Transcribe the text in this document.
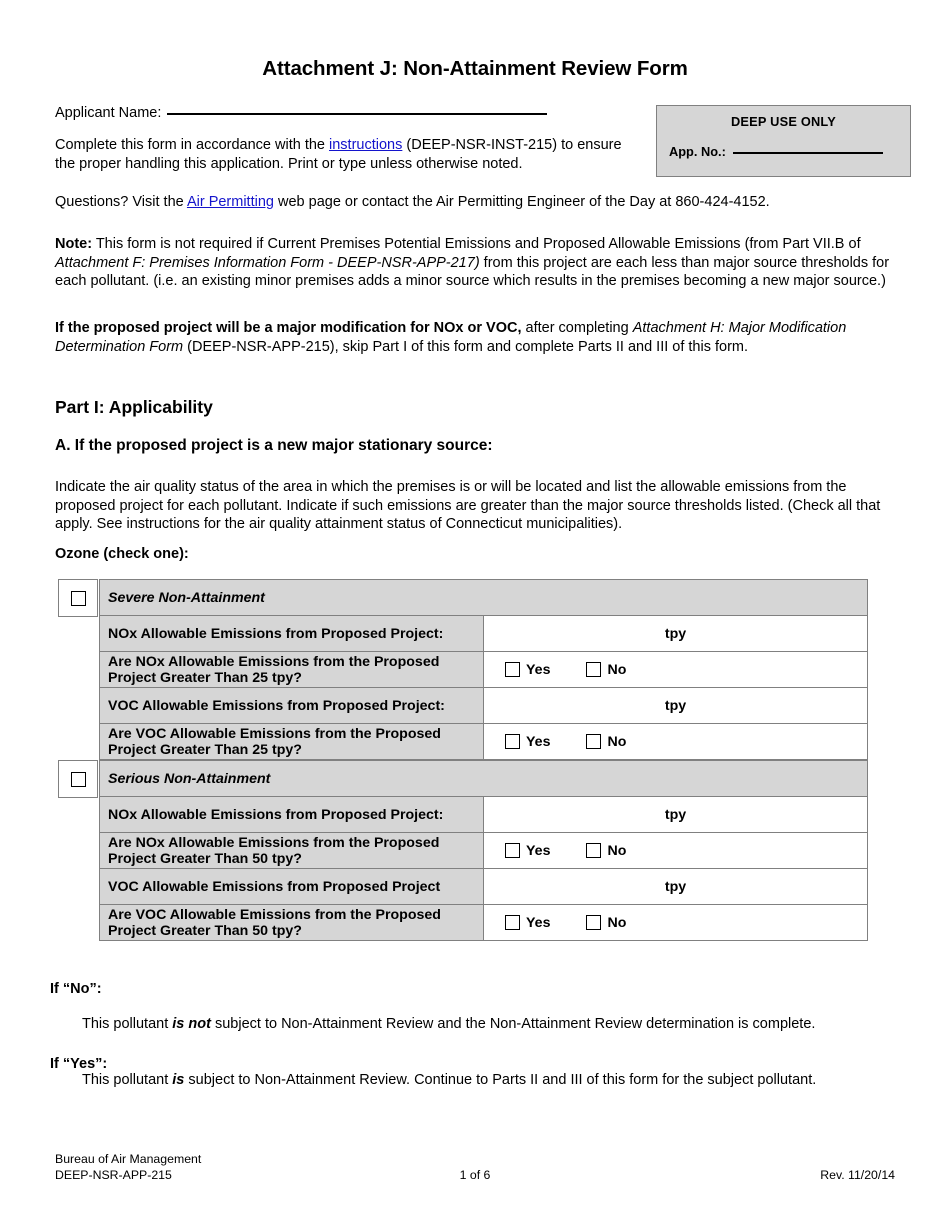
Attachment J: Non-Attainment Review Form
Applicant Name:
DEEP USE ONLY
App. No.:
Complete this form in accordance with the instructions (DEEP-NSR-INST-215) to ensure the proper handling this application. Print or type unless otherwise noted.
Questions? Visit the Air Permitting web page or contact the Air Permitting Engineer of the Day at 860-424-4152.
Note: This form is not required if Current Premises Potential Emissions and Proposed Allowable Emissions (from Part VII.B of Attachment F: Premises Information Form - DEEP-NSR-APP-217) from this project are each less than major source thresholds for each pollutant. (i.e. an existing minor premises adds a minor source which results in the premises becoming a new major source.)
If the proposed project will be a major modification for NOx or VOC, after completing Attachment H: Major Modification Determination Form (DEEP-NSR-APP-215), skip Part I of this form and complete Parts II and III of this form.
Part I: Applicability
A. If the proposed project is a new major stationary source:
Indicate the air quality status of the area in which the premises is or will be located and list the allowable emissions from the proposed project for each pollutant. Indicate if such emissions are greater than the major source thresholds listed. (Check all that apply. See instructions for the air quality attainment status of Connecticut municipalities).
Ozone (check one):
Severe Non-Attainment	
NOx Allowable Emissions from Proposed Project:	tpy
Are NOx Allowable Emissions from the Proposed Project Greater Than 25 tpy?	Yes No

VOC Allowable Emissions from Proposed Project:	tpy
Are VOC Allowable Emissions from the Proposed Project Greater Than 25 tpy?	Yes No
Serious Non-Attainment	
NOx Allowable Emissions from Proposed Project:	tpy
Are NOx Allowable Emissions from the Proposed Project Greater Than 50 tpy?	Yes No

VOC Allowable Emissions from Proposed Project	tpy
Are VOC Allowable Emissions from the Proposed Project Greater Than 50 tpy?	Yes No
If “No”:
This pollutant is not subject to Non-Attainment Review and the Non-Attainment Review determination is complete.
If “Yes”:
This pollutant is subject to Non-Attainment Review. Continue to Parts II and III of this form for the subject pollutant.
Bureau of Air Management
DEEP-NSR-APP-215	1 of 6	Rev. 11/20/14
